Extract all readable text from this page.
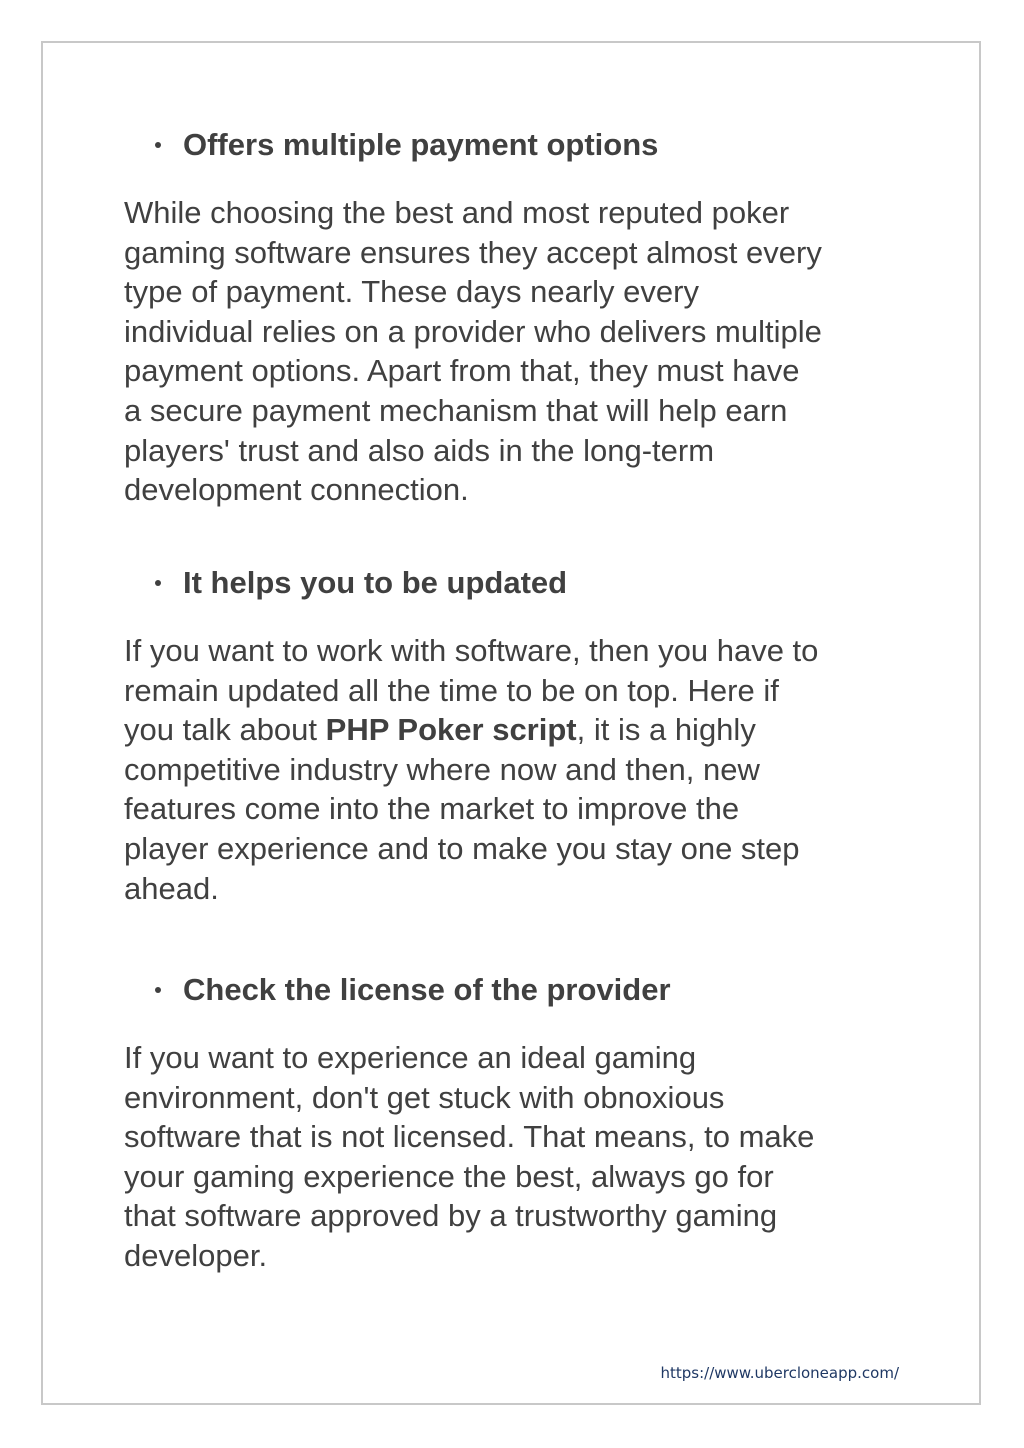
Offers multiple payment options
While choosing the best and most reputed poker
gaming software ensures they accept almost every
type of payment. These days nearly every
individual relies on a provider who delivers multiple
payment options. Apart from that, they must have
a secure payment mechanism that will help earn
players' trust and also aids in the long-term
development connection.
It helps you to be updated
If you want to work with software, then you have to
remain updated all the time to be on top. Here if
you talk about PHP Poker script, it is a highly
competitive industry where now and then, new
features come into the market to improve the
player experience and to make you stay one step
ahead.
Check the license of the provider
If you want to experience an ideal gaming
environment, don't get stuck with obnoxious
software that is not licensed. That means, to make
your gaming experience the best, always go for
that software approved by a trustworthy gaming
developer.
https://www.ubercloneapp.com/
